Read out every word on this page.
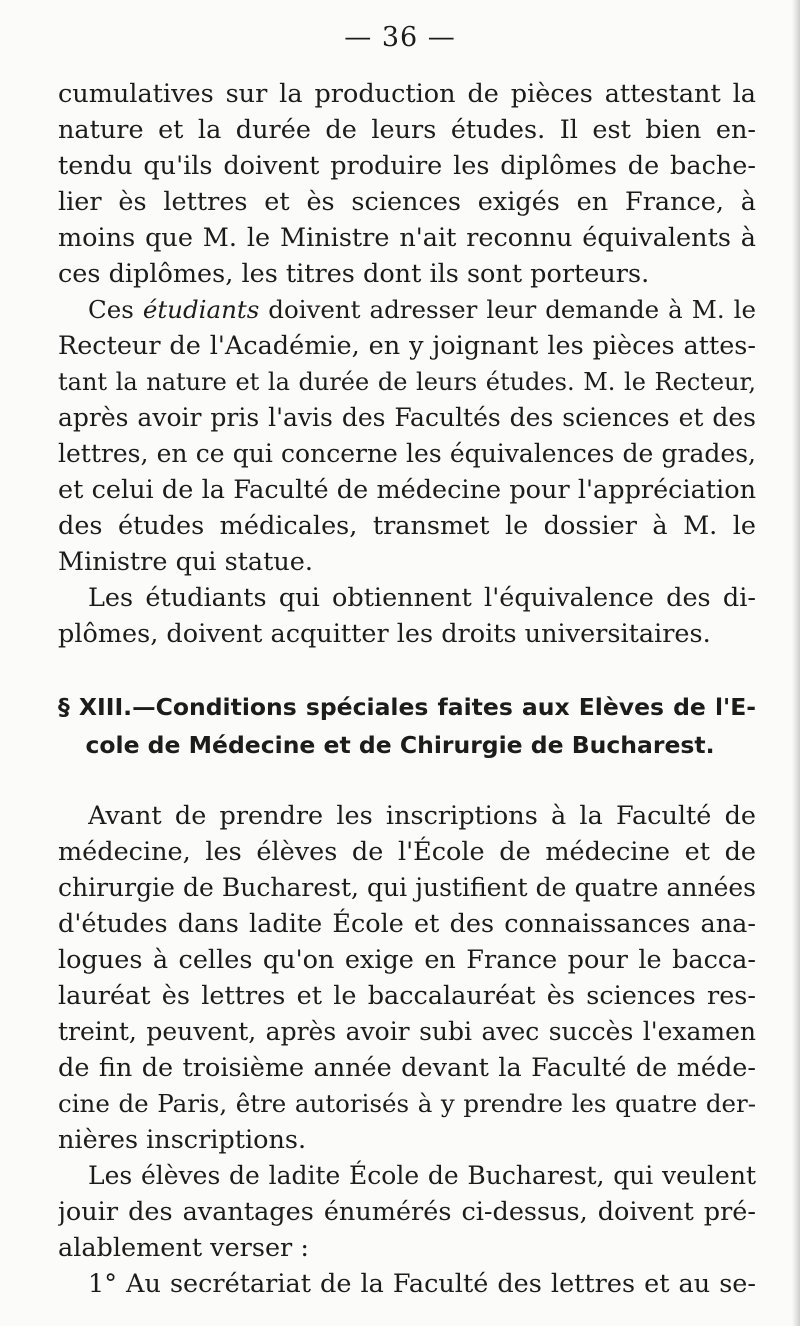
— 36 —
cumulatives sur la production de pièces attestant la
nature et la durée de leurs études. Il est bien en-
tendu qu'ils doivent produire les diplômes de bache-
lier ès lettres et ès sciences exigés en France, à
moins que M. le Ministre n'ait reconnu équivalents à
ces diplômes, les titres dont ils sont porteurs.
Ces étudiants doivent adresser leur demande à M. le
Recteur de l'Académie, en y joignant les pièces attes-
tant la nature et la durée de leurs études. M. le Recteur,
après avoir pris l'avis des Facultés des sciences et des
lettres, en ce qui concerne les équivalences de grades,
et celui de la Faculté de médecine pour l'appréciation
des études médicales, transmet le dossier à M. le
Ministre qui statue.
Les étudiants qui obtiennent l'équivalence des di-
plômes, doivent acquitter les droits universitaires.
§ XIII.—Conditions spéciales faites aux Elèves de l'E-
cole de Médecine et de Chirurgie de Bucharest.
Avant de prendre les inscriptions à la Faculté de
médecine, les élèves de l'École de médecine et de
chirurgie de Bucharest, qui justifient de quatre années
d'études dans ladite École et des connaissances ana-
logues à celles qu'on exige en France pour le bacca-
lauréat ès lettres et le baccalauréat ès sciences res-
treint, peuvent, après avoir subi avec succès l'examen
de fin de troisième année devant la Faculté de méde-
cine de Paris, être autorisés à y prendre les quatre der-
nières inscriptions.
Les élèves de ladite École de Bucharest, qui veulent
jouir des avantages énumérés ci-dessus, doivent pré-
alablement verser :
1° Au secrétariat de la Faculté des lettres et au se-
